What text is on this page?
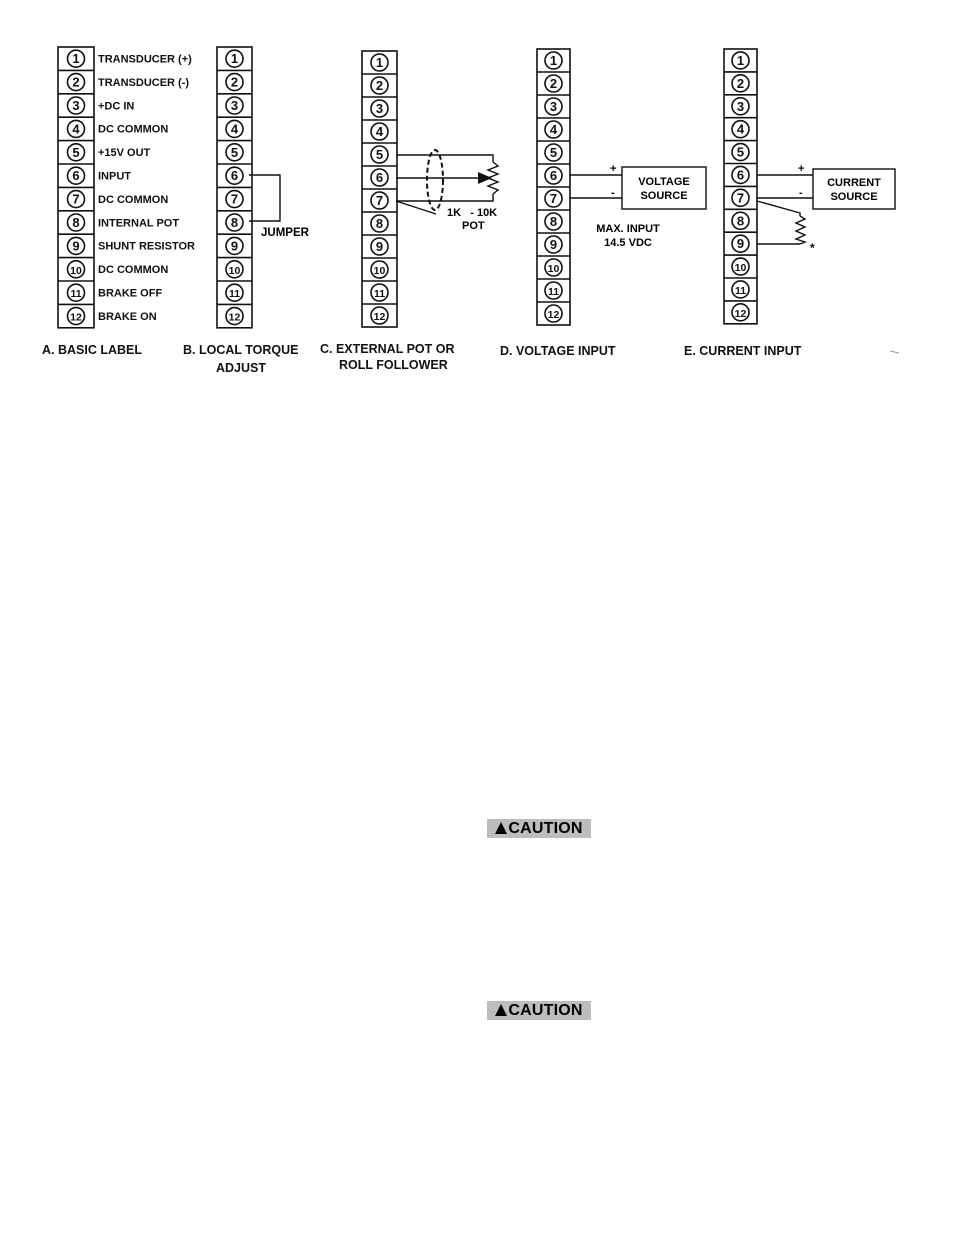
1
2
3
4
5
6
7
8
9
10
11
12
1
2
3
4
5
6
7
8
9
10
11
12
1
2
3
4
5
6
7
8
9
10
11
12
1
2
3
4
5
6
7
8
9
10
11
12
1
2
3
4
5
6
7
8
9
10
11
12
TRANSDUCER (+)
TRANSDUCER (-)
+DC IN
DC COMMON
+15V OUT
INPUT
DC COMMON
INTERNAL POT
SHUNT RESISTOR
DC COMMON
BRAKE OFF
BRAKE ON
JUMPER
1K   - 10K
POT
+
-
VOLTAGE
SOURCE
MAX. INPUT
14.5 VDC
+
-
CURRENT
SOURCE
*
A. BASIC LABEL	B. LOCAL TORQUE
ADJUST
C. EXTERNAL POT OR
ROLL FOLLOWER
D. VOLTAGE INPUT	E. CURRENT INPUT
CAUTION
CAUTION
